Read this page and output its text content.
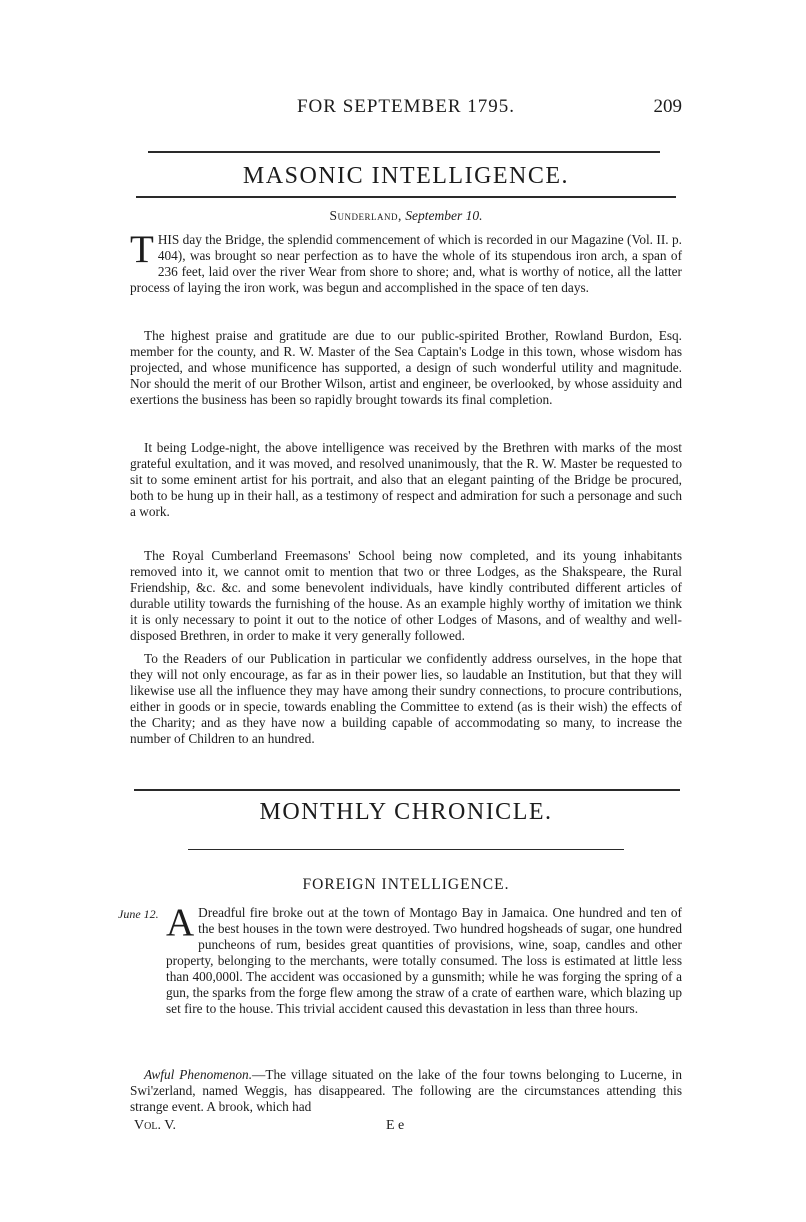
FOR SEPTEMBER 1795.	209
MASONIC INTELLIGENCE.
Sunderland, September 10.

THIS day the Bridge, the splendid commencement of which is recorded in our Magazine (Vol. II. p. 404), was brought so near perfection as to have the whole of its stupendous iron arch, a span of 236 feet, laid over the river Wear from shore to shore; and, what is worthy of notice, all the latter process of laying the iron work, was begun and accomplished in the space of ten days.

The highest praise and gratitude are due to our public-spirited Brother, Rowland Burdon, Esq. member for the county, and R. W. Master of the Sea Captain's Lodge in this town, whose wisdom has projected, and whose munificence has supported, a design of such wonderful utility and magnitude. Nor should the merit of our Brother Wilson, artist and engineer, be overlooked, by whose assiduity and exertions the business has been so rapidly brought towards its final completion.

It being Lodge-night, the above intelligence was received by the Brethren with marks of the most grateful exultation, and it was moved, and resolved unanimously, that the R. W. Master be requested to sit to some eminent artist for his portrait, and also that an elegant painting of the Bridge be procured, both to be hung up in their hall, as a testimony of respect and admiration for such a personage and such a work.

The Royal Cumberland Freemasons' School being now completed, and its young inhabitants removed into it, we cannot omit to mention that two or three Lodges, as the Shakspeare, the Rural Friendship, &c. &c. and some benevolent individuals, have kindly contributed different articles of durable utility towards the furnishing of the house. As an example highly worthy of imitation we think it is only necessary to point it out to the notice of other Lodges of Masons, and of wealthy and well-disposed Brethren, in order to make it very generally followed.

To the Readers of our Publication in particular we confidently address ourselves, in the hope that they will not only encourage, as far as in their power lies, so laudable an Institution, but that they will likewise use all the influence they may have among their sundry connections, to procure contributions, either in goods or in specie, towards enabling the Committee to extend (as is their wish) the effects of the Charity; and as they have now a building capable of accommodating so many, to increase the number of Children to an hundred.

MONTHLY CHRONICLE.
FOREIGN INTELLIGENCE.
June 12. A Dreadful fire broke out at the town of Montago Bay in Jamaica. One hundred and ten of the best houses in the town were destroyed. Two hundred hogsheads of sugar, one hundred puncheons of rum, besides great quantities of provisions, wine, soap, candles and other property, belonging to the merchants, were totally consumed. The loss is estimated at little less than 400,000l. The accident was occasioned by a gunsmith; while he was forging the spring of a gun, the sparks from the forge flew among the straw of a crate of earthen ware, which blazing up set fire to the house. This trivial accident caused this devastation in less than three hours.

Awful Phenomenon.—The village situated on the lake of the four towns belonging to Lucerne, in Swi'zerland, named Weggis, has disappeared. The following are the circumstances attending this strange event. A brook, which had

Vol. V.	E e
